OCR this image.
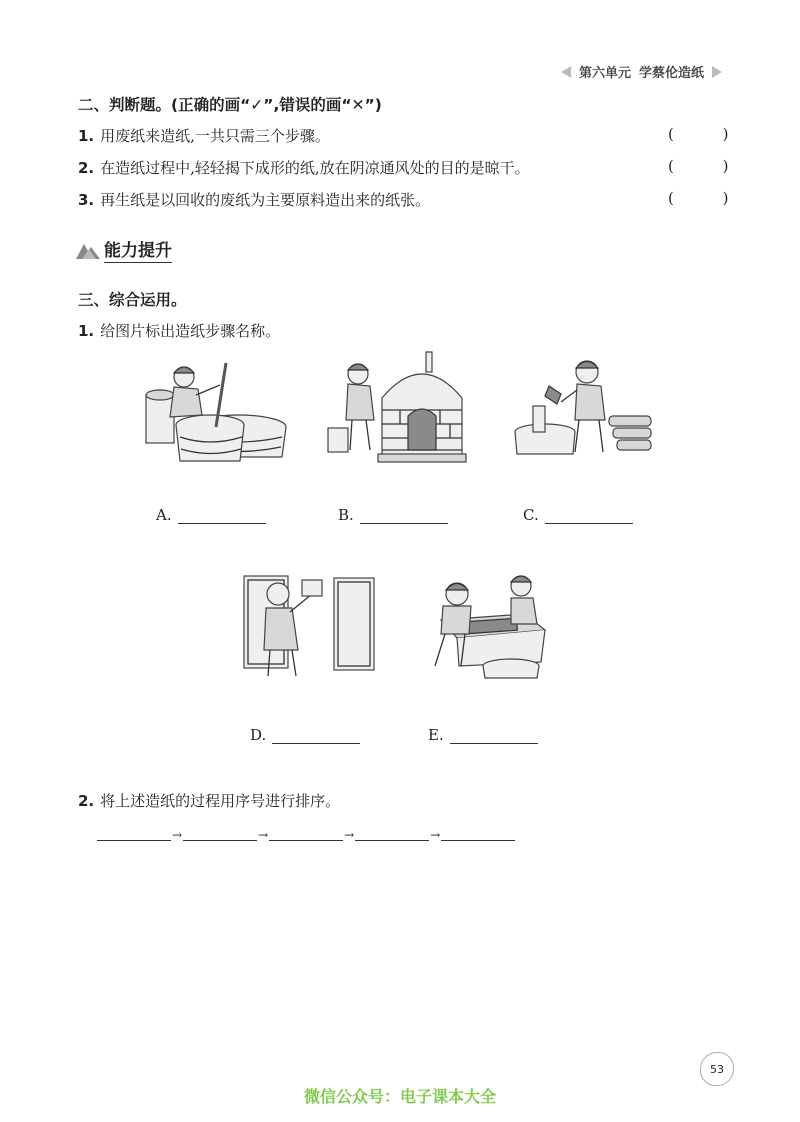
第六单元 学蔡伦造纸
二、判断题。(正确的画“✓”,错误的画“✕”)
1. 用废纸来造纸,一共只需三个步骤。	( )
2. 在造纸过程中,轻轻揭下成形的纸,放在阴凉通风处的目的是晾干。	( )
3. 再生纸是以回收的废纸为主要原料造出来的纸张。	( )
能力提升
三、综合运用。
1. 给图片标出造纸步骤名称。
A.	B.	C.
D.	E.
2. 将上述造纸的过程用序号进行排序。
→	→	→	→
53
微信公众号：电子课本大全
